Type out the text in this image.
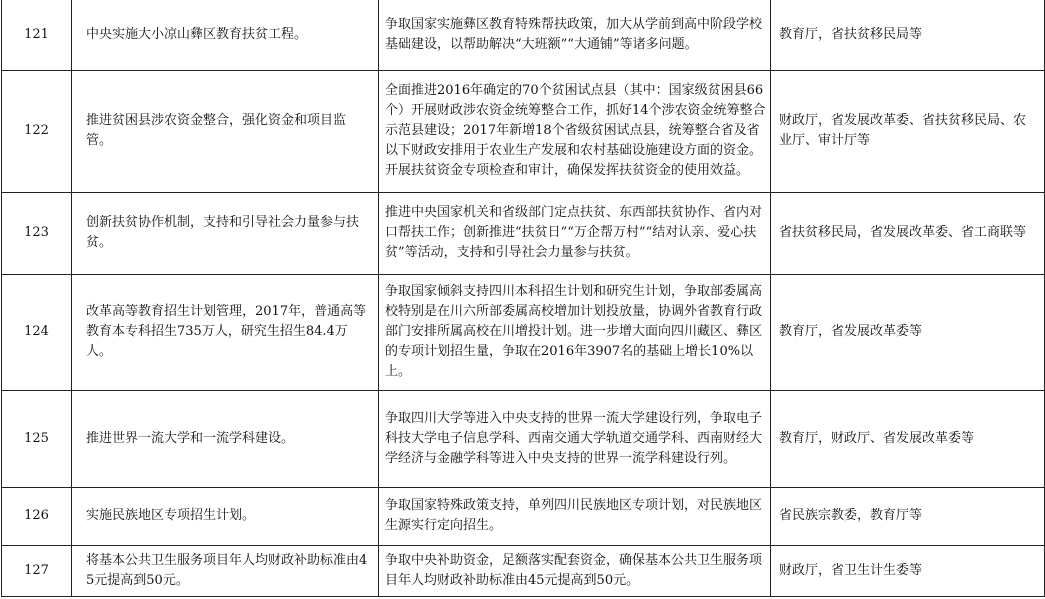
121	中央实施大小凉山彝区教育扶贫工程。	争取国家实施彝区教育特殊帮扶政策，加大从学前到高中阶段学校基础建设，以帮助解决“大班额”“大通铺”等诸多问题。	教育厅，省扶贫移民局等

122	推进贫困县涉农资金整合，强化资金和项目监管。	全面推进2016年确定的70个贫困试点县（其中：国家级贫困县66个）开展财政涉农资金统筹整合工作，抓好14个涉农资金统筹整合示范县建设；2017年新增18个省级贫困试点县，统筹整合省及省以下财政安排用于农业生产发展和农村基础设施建设方面的资金。开展扶贫资金专项检查和审计，确保发挥扶贫资金的使用效益。	财政厅，省发展改革委、省扶贫移民局、农业厅、审计厅等

123	创新扶贫协作机制，支持和引导社会力量参与扶贫。	推进中央国家机关和省级部门定点扶贫、东西部扶贫协作、省内对口帮扶工作；创新推进“扶贫日”“万企帮万村”“结对认亲、爱心扶贫”等活动，支持和引导社会力量参与扶贫。	省扶贫移民局，省发展改革委、省工商联等

124	改革高等教育招生计划管理，2017年，普通高等教育本专科招生735万人，研究生招生84.4万人。	争取国家倾斜支持四川本科招生计划和研究生计划，争取部委属高校特别是在川六所部委属高校增加计划投放量，协调外省教育行政部门安排所属高校在川增投计划。进一步增大面向四川藏区、彝区的专项计划招生量，争取在2016年3907名的基础上增长10%以上。	教育厅，省发展改革委等

125	推进世界一流大学和一流学科建设。	争取四川大学等进入中央支持的世界一流大学建设行列，争取电子科技大学电子信息学科、西南交通大学轨道交通学科、西南财经大学经济与金融学科等进入中央支持的世界一流学科建设行列。	教育厅，财政厅、省发展改革委等

126	实施民族地区专项招生计划。	争取国家特殊政策支持，单列四川民族地区专项计划，对民族地区生源实行定向招生。	省民族宗教委，教育厅等

127	将基本公共卫生服务项目年人均财政补助标准由45元提高到50元。	争取中央补助资金，足额落实配套资金，确保基本公共卫生服务项目年人均财政补助标准由45元提高到50元。	财政厅，省卫生计生委等
